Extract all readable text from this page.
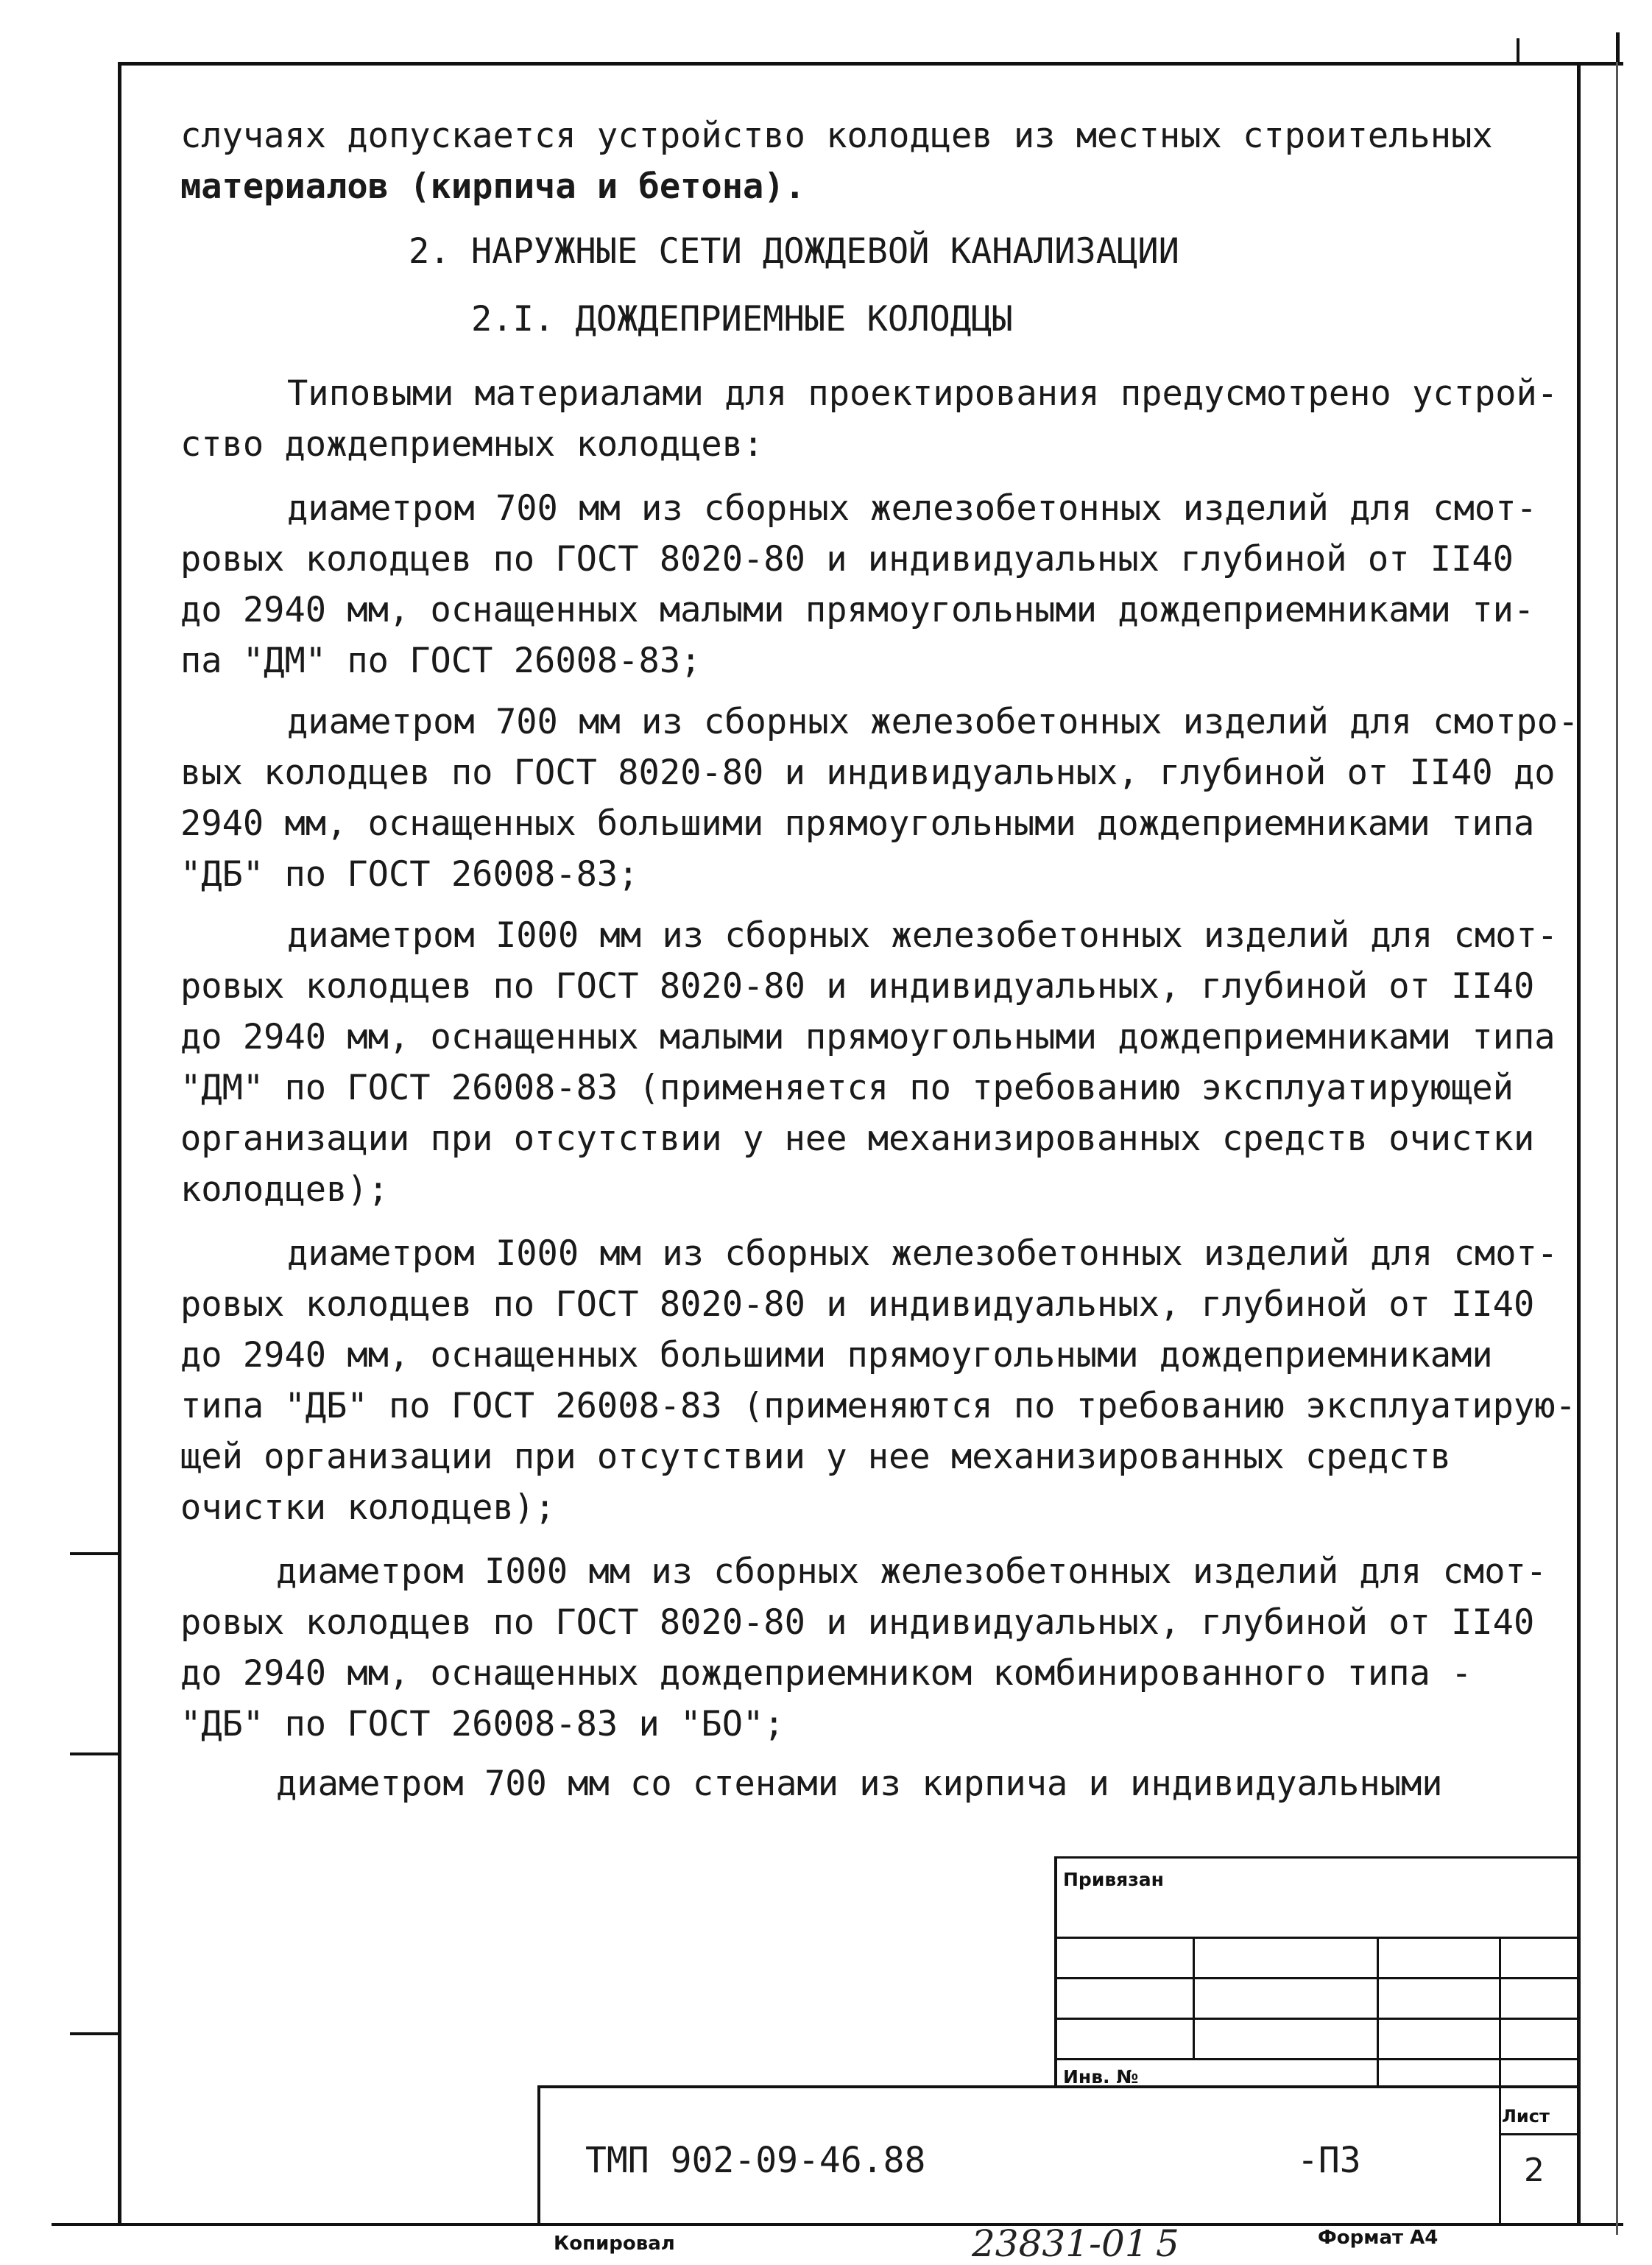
случаях допускается устройство колодцев из местных строительных

материалов (кирпича и бетона).

2. НАРУЖНЫЕ СЕТИ ДОЖДЕВОЙ КАНАЛИЗАЦИИ
2.I. ДОЖДЕПРИЕМНЫЕ КОЛОДЦЫ

Типовыми материалами для проектирования предусмотрено устрой-

ство дождеприемных колодцев:

диаметром 700 мм из сборных железобетонных изделий для смот-

ровых колодцев по ГОСТ 8020-80 и индивидуальных глубиной от II40

до 2940 мм, оснащенных малыми прямоугольными дождеприемниками ти-

па "ДМ" по ГОСТ 26008-83;

диаметром 700 мм из сборных железобетонных изделий для смотро-

вых колодцев по ГОСТ 8020-80 и индивидуальных, глубиной от II40 до

2940 мм, оснащенных большими прямоугольными дождеприемниками типа

"ДБ" по ГОСТ 26008-83;

диаметром I000 мм из сборных железобетонных изделий для смот-

ровых колодцев по ГОСТ 8020-80 и индивидуальных, глубиной от II40

до 2940 мм, оснащенных малыми прямоугольными дождеприемниками типа

"ДМ" по ГОСТ 26008-83 (применяется по требованию эксплуатирующей

организации при отсутствии у нее механизированных средств очистки

колодцев);

диаметром I000 мм из сборных железобетонных изделий для смот-

ровых колодцев по ГОСТ 8020-80 и индивидуальных, глубиной от II40

до 2940 мм, оснащенных большими прямоугольными дождеприемниками

типа "ДБ" по ГОСТ 26008-83 (применяются по требованию эксплуатирую-

щей организации при отсутствии у нее механизированных средств

очистки колодцев);

диаметром I000 мм из сборных железобетонных изделий для смот-

ровых колодцев по ГОСТ 8020-80 и индивидуальных, глубиной от II40

до 2940 мм, оснащенных дождеприемником комбинированного типа -

"ДБ" по ГОСТ 26008-83 и "БО";

диаметром 700 мм со стенами из кирпича и индивидуальными

Привязан
Инв. №
Лист
2
ТМП 902-09-46.88	-П3
Копировал	23831-01 5	Формат А4
